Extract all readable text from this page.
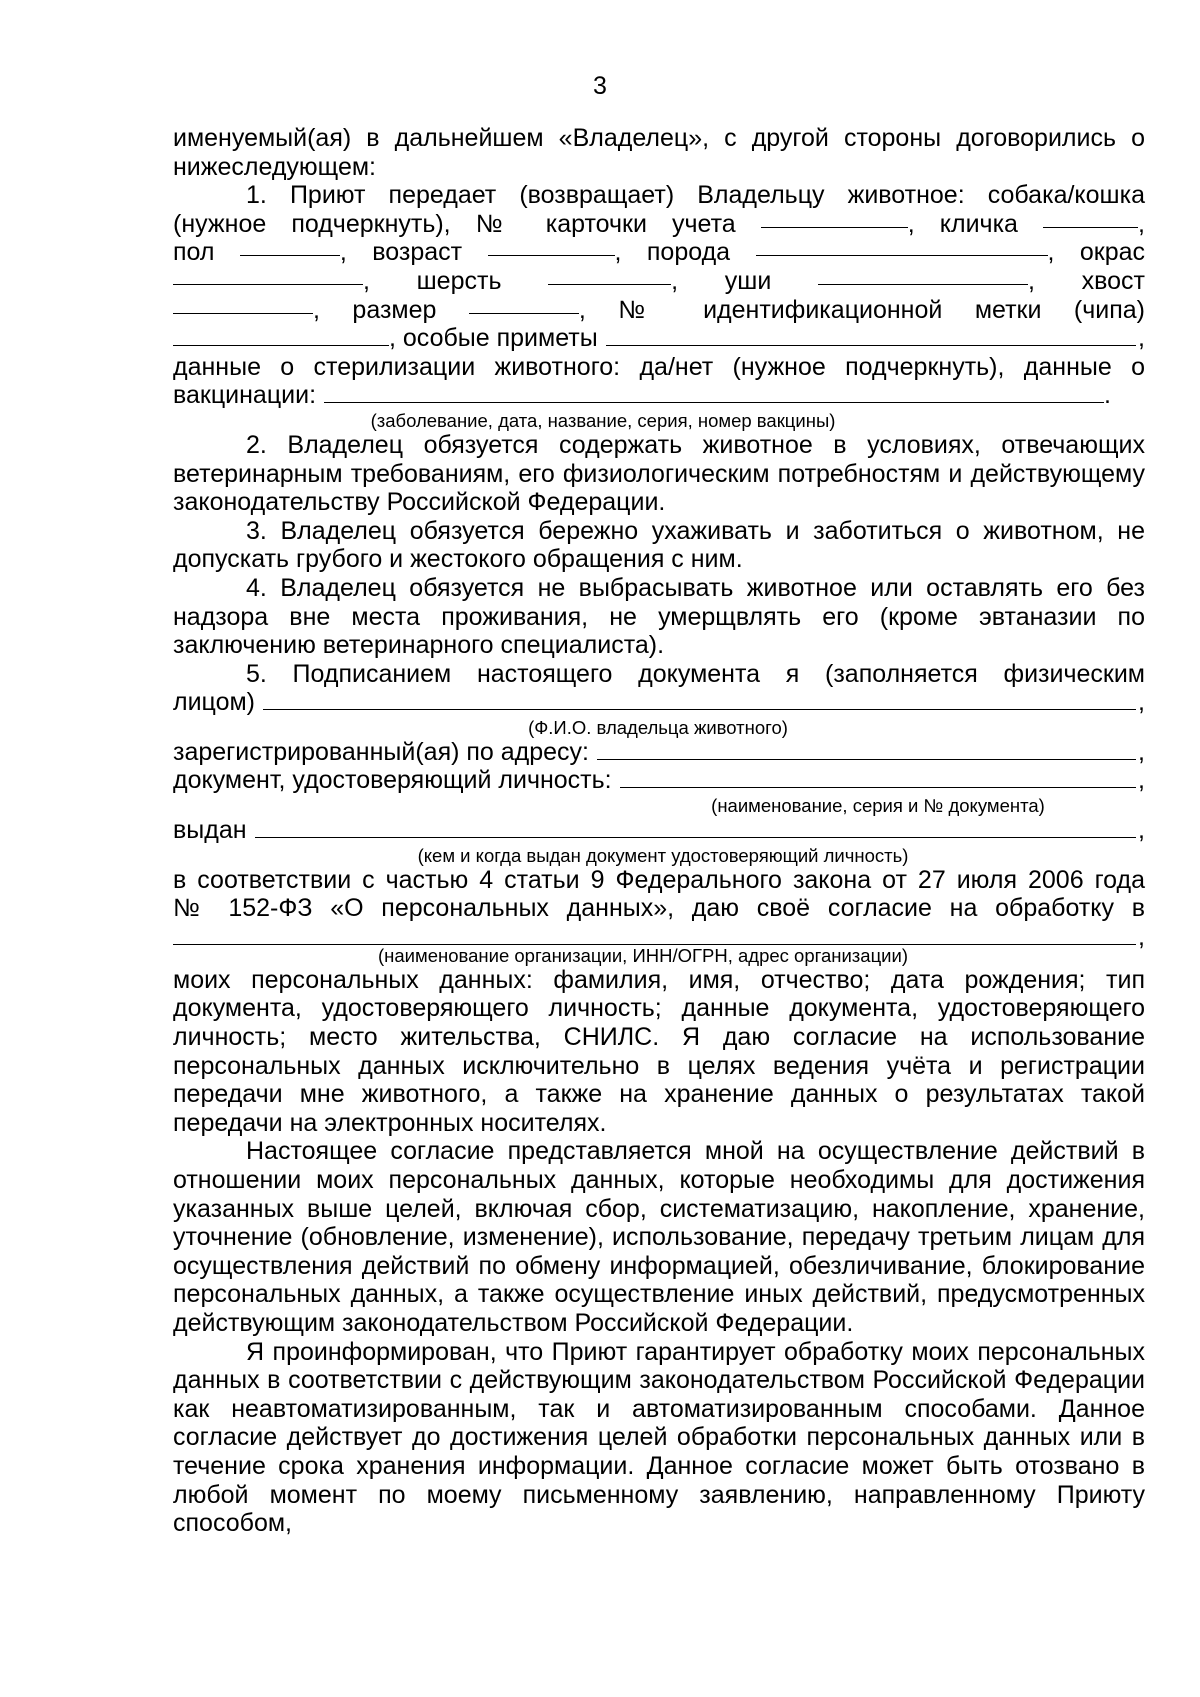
3
именуемый(ая) в дальнейшем «Владелец», с другой стороны договорились о
нижеследующем:
1. Приют передает (возвращает) Владельцу животное: собака/кошка
(нужное подчеркнуть), № карточки учета	, кличка	,
пол	, возраст	, порода	, окрас
, шерсть	, уши	, хвост
, размер	, № идентификационной метки (чипа)
, особые приметы	,
данные о стерилизации животного: да/нет (нужное подчеркнуть), данные о
вакцинации:	.
(заболевание, дата, название, серия, номер вакцины)
2. Владелец обязуется содержать животное в условиях, отвечающих ветеринарным требованиям, его физиологическим потребностям и действующему законодательству Российской Федерации.
3. Владелец обязуется бережно ухаживать и заботиться о животном, не допускать грубого и жестокого обращения с ним.
4. Владелец обязуется не выбрасывать животное или оставлять его без надзора вне места проживания, не умерщвлять его (кроме эвтаназии по заключению ветеринарного специалиста).
5. Подписанием настоящего документа я (заполняется физическим
лицом)	,
(Ф.И.О. владельца животного)
зарегистрированный(ая) по адресу:	,
документ, удостоверяющий личность:	,
(наименование, серия и № документа)
выдан	,
(кем и когда выдан документ удостоверяющий личность)
в соответствии с частью 4 статьи 9 Федерального закона от 27 июля 2006 года
№ 152-ФЗ «О персональных данных», даю своё согласие на обработку в
,
(наименование организации, ИНН/ОГРН, адрес организации)
моих персональных данных: фамилия, имя, отчество; дата рождения; тип документа, удостоверяющего личность; данные документа, удостоверяющего личность; место жительства, СНИЛС. Я даю согласие на использование персональных данных исключительно в целях ведения учёта и регистрации передачи мне животного, а также на хранение данных о результатах такой передачи на электронных носителях.
Настоящее согласие представляется мной на осуществление действий в отношении моих персональных данных, которые необходимы для достижения указанных выше целей, включая сбор, систематизацию, накопление, хранение, уточнение (обновление, изменение), использование, передачу третьим лицам для осуществления действий по обмену информацией, обезличивание, блокирование персональных данных, а также осуществление иных действий, предусмотренных действующим законодательством Российской Федерации.
Я проинформирован, что Приют гарантирует обработку моих персональных данных в соответствии с действующим законодательством Российской Федерации как неавтоматизированным, так и автоматизированным способами. Данное согласие действует до достижения целей обработки персональных данных или в течение срока хранения информации. Данное согласие может быть отозвано в любой момент по моему письменному заявлению, направленному Приюту способом,
